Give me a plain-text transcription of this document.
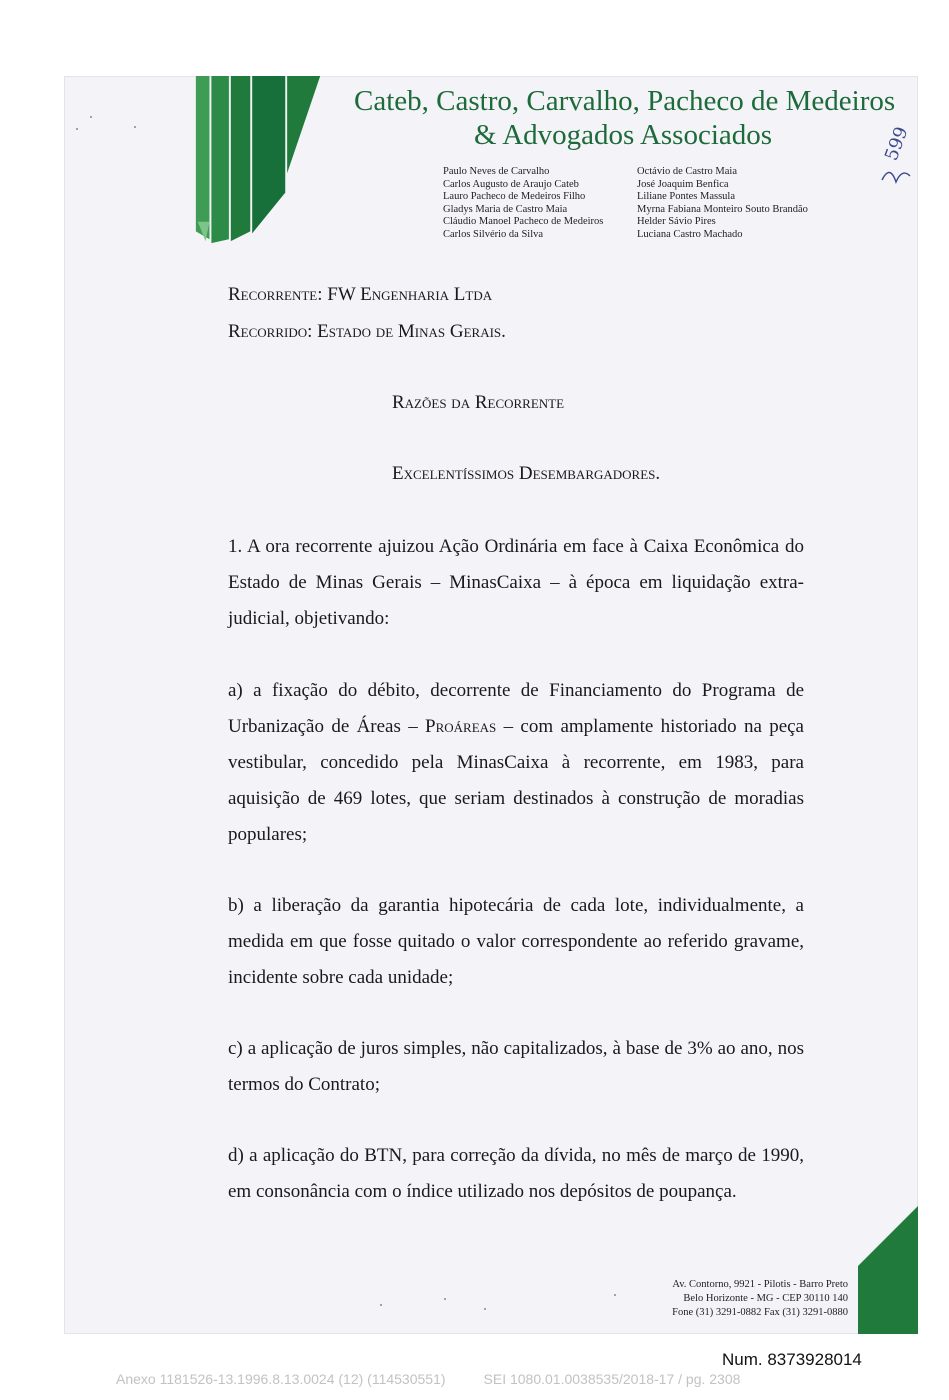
Cateb, Castro, Carvalho, Pacheco de Medeiros
& Advogados Associados
Paulo Neves de Carvalho
Carlos Augusto de Araujo Cateb
Lauro Pacheco de Medeiros Filho
Gladys Maria de Castro Maia
Cláudio Manoel Pacheco de Medeiros
Carlos Silvério da Silva
Octávio de Castro Maia
José Joaquim Benfica
Liliane Pontes Massula
Myrna Fabiana Monteiro Souto Brandão
Helder Sávio Pires
Luciana Castro Machado
599
Recorrente: FW Engenharia Ltda
Recorrido: Estado de Minas Gerais.
Razões da Recorrente
Excelentíssimos Desembargadores.
1. A ora recorrente ajuizou Ação Ordinária em face à Caixa Econômica do Estado de Minas Gerais – MinasCaixa – à época em liquidação extra-judicial, objetivando:
a) a fixação do débito, decorrente de Financiamento do Programa de Urbanização de Áreas – Proáreas – com amplamente historiado na peça vestibular, concedido pela MinasCaixa à recorrente, em 1983, para aquisição de 469 lotes, que seriam destinados à construção de moradias populares;
b) a liberação da garantia hipotecária de cada lote, individualmente, a medida em que fosse quitado o valor correspondente ao referido gravame, incidente sobre cada unidade;
c) a aplicação de juros simples, não capitalizados, à base de 3% ao ano, nos termos do Contrato;
d) a aplicação do BTN, para correção da dívida, no mês de março de 1990, em consonância com o índice utilizado nos depósitos de poupança.
Av. Contorno, 9921 - Pilotis - Barro Preto
Belo Horizonte - MG - CEP 30110 140
Fone (31) 3291-0882 Fax (31) 3291-0880
Num. 8373928014
Anexo 1181526-13.1996.8.13.0024 (12) (114530551)	SEI 1080.01.0038535/2018-17 / pg. 2308
